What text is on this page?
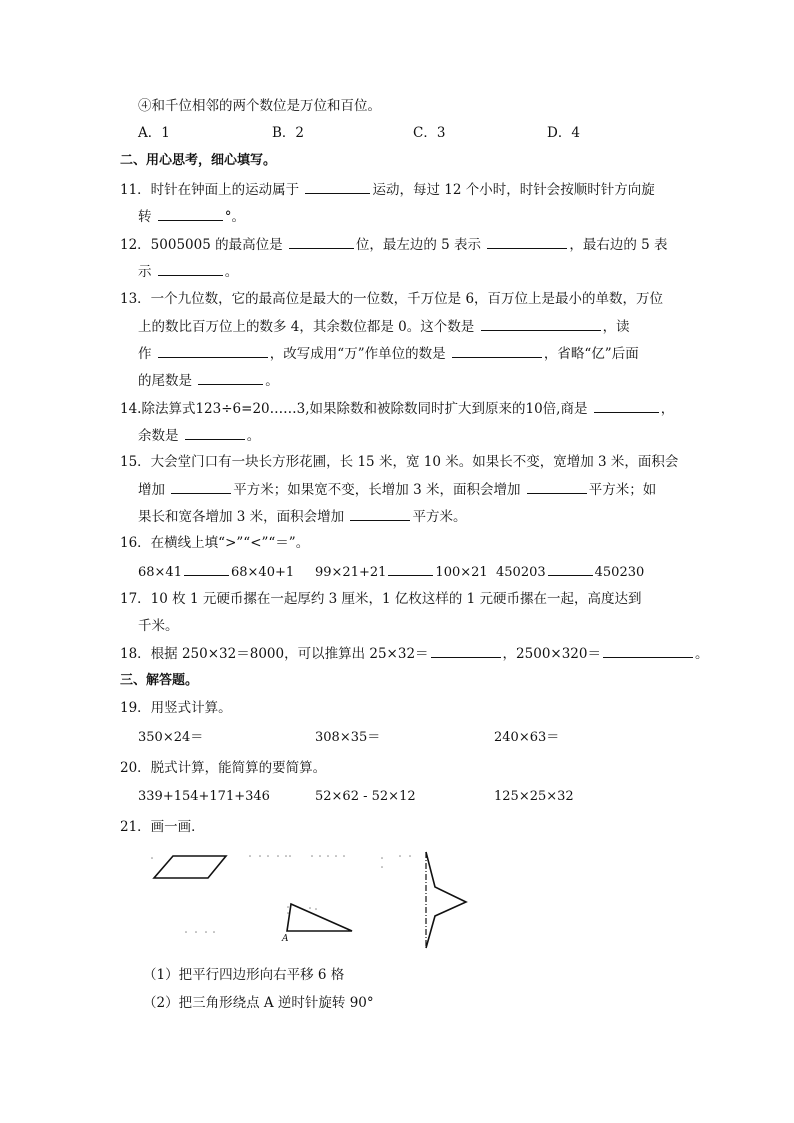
④和千位相邻的两个数位是万位和百位。
A．1	B．2	C．3	D．4
二、用心思考，细心填写。
11．时针在钟面上的运动属于	运动，每过 12 个小时，时针会按顺时针方向旋
转	°。
12．5005005 的最高位是	位，最左边的 5 表示	，最右边的 5 表
示	。
13．一个九位数，它的最高位是最大的一位数，千万位是 6，百万位上是最小的单数，万位
上的数比百万位上的数多 4，其余数位都是 0。这个数是	，读
作	，改写成用“万”作单位的数是	，省略“亿”后面
的尾数是	。
14.除法算式123÷6=20……3,如果除数和被除数同时扩大到原来的10倍,商是	，
余数是	。
15．大会堂门口有一块长方形花圃，长 15 米，宽 10 米。如果长不变，宽增加 3 米，面积会
增加	平方米；如果宽不变，长增加 3 米，面积会增加	平方米；如
果长和宽各增加 3 米，面积会增加	平方米。
16．在横线上填“>”“<”“＝”。
68×41	68×40+1 99×21+21	100×21 450203	450230
17．10 枚 1 元硬币摞在一起厚约 3 厘米，1 亿枚这样的 1 元硬币摞在一起，高度达到
千米。
18．根据 250×32＝8000，可以推算出 25×32＝	，2500×320＝	。
三、解答题。
19．用竖式计算。
350×24＝	308×35＝	240×63＝
20．脱式计算，能简算的要简算。
339+154+171+346	52×62 - 52×12	125×25×32
21．画一画．
A
（1）把平行四边形向右平移 6 格
（2）把三角形绕点 A 逆时针旋转 90°
